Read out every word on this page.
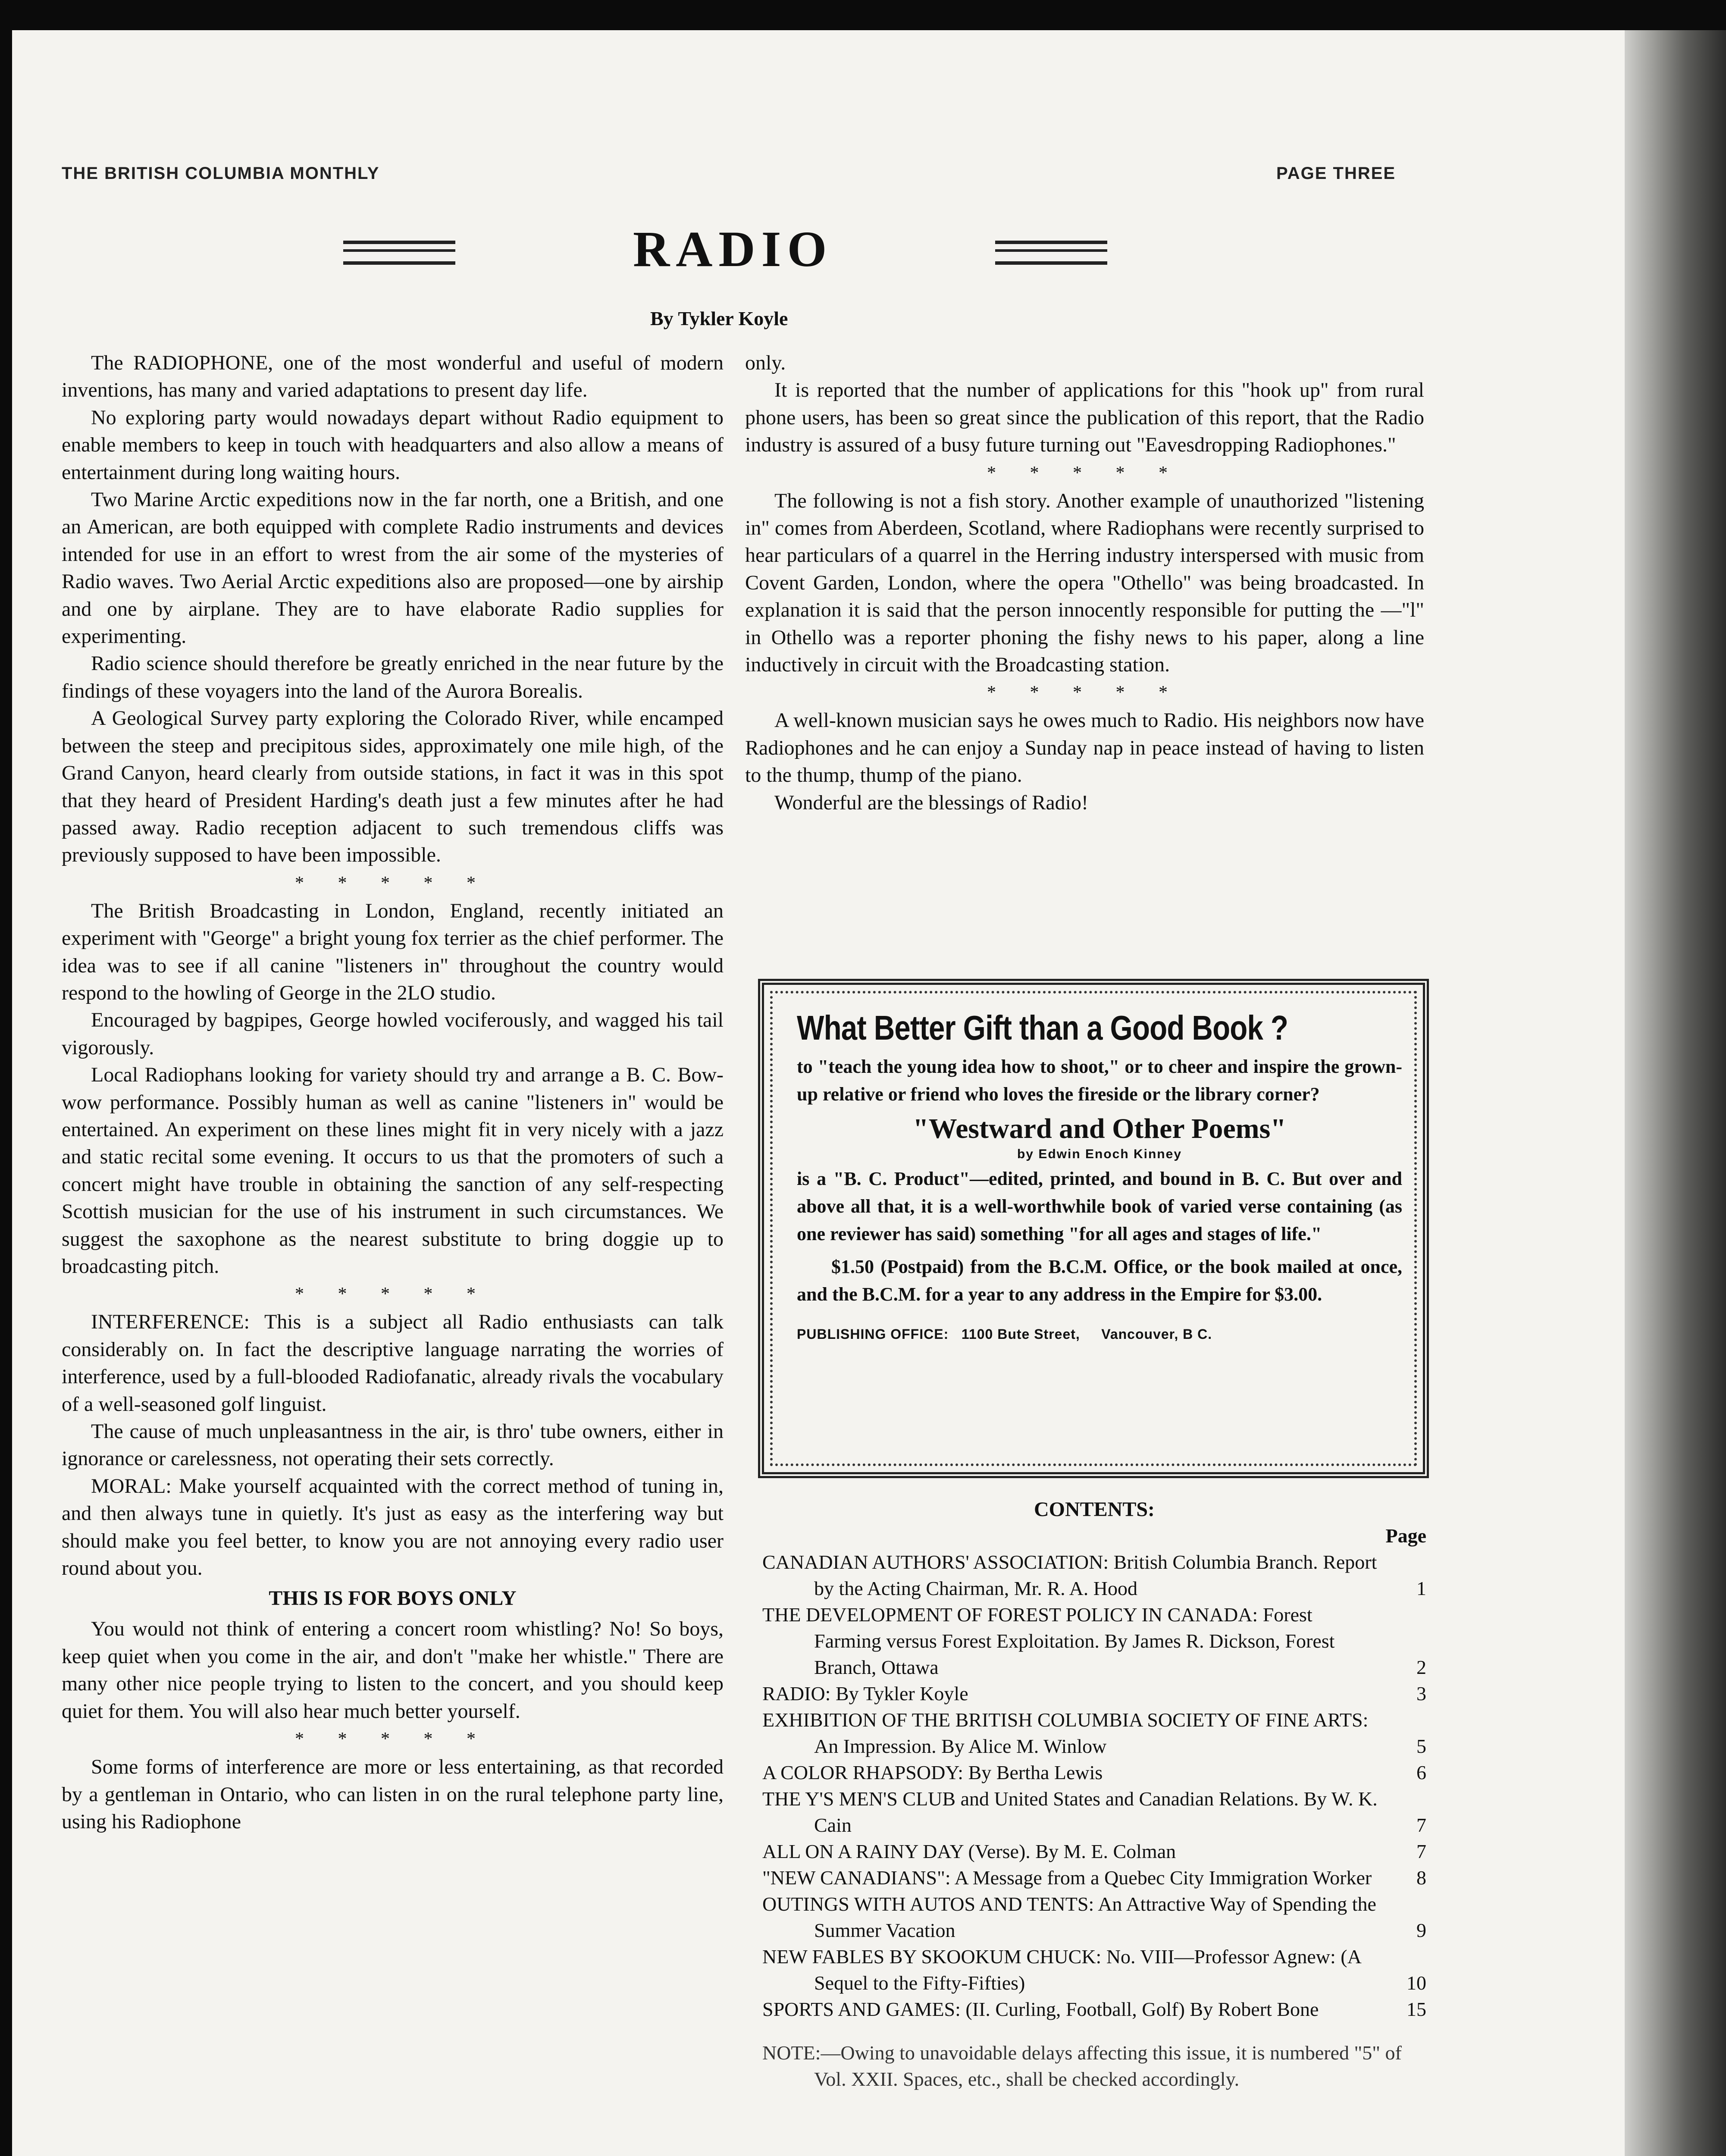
THE BRITISH COLUMBIA MONTHLY	PAGE THREE
RADIO
By Tykler Koyle

The RADIOPHONE, one of the most wonderful and useful of modern inventions, has many and varied adaptations to present day life.

No exploring party would nowadays depart without Radio equipment to enable members to keep in touch with headquarters and also allow a means of entertainment during long waiting hours.

Two Marine Arctic expeditions now in the far north, one a British, and one an American, are both equipped with complete Radio instruments and devices intended for use in an effort to wrest from the air some of the mysteries of Radio waves. Two Aerial Arctic expeditions also are proposed—one by airship and one by airplane. They are to have elaborate Radio supplies for experimenting.

Radio science should therefore be greatly enriched in the near future by the findings of these voyagers into the land of the Aurora Borealis.

A Geological Survey party exploring the Colorado River, while encamped between the steep and precipitous sides, approximately one mile high, of the Grand Canyon, heard clearly from outside stations, in fact it was in this spot that they heard of President Harding's death just a few minutes after he had passed away. Radio reception adjacent to such tremendous cliffs was previously supposed to have been impossible.

* * * * *

The British Broadcasting in London, England, recently initiated an experiment with "George" a bright young fox terrier as the chief performer. The idea was to see if all canine "listeners in" throughout the country would respond to the howling of George in the 2LO studio.

Encouraged by bagpipes, George howled vociferously, and wagged his tail vigorously.

Local Radiophans looking for variety should try and arrange a B. C. Bow-wow performance. Possibly human as well as canine "listeners in" would be entertained. An experiment on these lines might fit in very nicely with a jazz and static recital some evening. It occurs to us that the promoters of such a concert might have trouble in obtaining the sanction of any self-respecting Scottish musician for the use of his instrument in such circumstances. We suggest the saxophone as the nearest substitute to bring doggie up to broadcasting pitch.

* * * * *

INTERFERENCE: This is a subject all Radio enthusiasts can talk considerably on. In fact the descriptive language narrating the worries of interference, used by a full-blooded Radiofanatic, already rivals the vocabulary of a well-seasoned golf linguist.

The cause of much unpleasantness in the air, is thro' tube owners, either in ignorance or carelessness, not operating their sets correctly.

MORAL: Make yourself acquainted with the correct method of tuning in, and then always tune in quietly. It's just as easy as the interfering way but should make you feel better, to know you are not annoying every radio user round about you.

THIS IS FOR BOYS ONLY

You would not think of entering a concert room whistling? No! So boys, keep quiet when you come in the air, and don't "make her whistle." There are many other nice people trying to listen to the concert, and you should keep quiet for them. You will also hear much better yourself.

* * * * *

Some forms of interference are more or less entertaining, as that recorded by a gentleman in Ontario, who can listen in on the rural telephone party line, using his Radiophone

only.

It is reported that the number of applications for this "hook up" from rural phone users, has been so great since the publication of this report, that the Radio industry is assured of a busy future turning out "Eavesdropping Radiophones."

* * * * *

The following is not a fish story. Another example of unauthorized "listening in" comes from Aberdeen, Scotland, where Radiophans were recently surprised to hear particulars of a quarrel in the Herring industry interspersed with music from Covent Garden, London, where the opera "Othello" was being broadcasted. In explanation it is said that the person innocently responsible for putting the —"l" in Othello was a reporter phoning the fishy news to his paper, along a line inductively in circuit with the Broadcasting station.

* * * * *

A well-known musician says he owes much to Radio. His neighbors now have Radiophones and he can enjoy a Sunday nap in peace instead of having to listen to the thump, thump of the piano.

Wonderful are the blessings of Radio!

What Better Gift than a Good Book ?
to "teach the young idea how to shoot," or to cheer and inspire the grown-up relative or friend who loves the fireside or the library corner?
"Westward and Other Poems"
by Edwin Enoch Kinney
is a "B. C. Product"—edited, printed, and bound in B. C. But over and above all that, it is a well-worthwhile book of varied verse containing (as one reviewer has said) something "for all ages and stages of life."
$1.50 (Postpaid) from the B.C.M. Office, or the book mailed at once, and the B.C.M. for a year to any address in the Empire for $3.00.
PUBLISHING OFFICE: 1100 Bute Street, Vancouver, B C.
CONTENTS:
Page
CANADIAN AUTHORS' ASSOCIATION: British Columbia Branch. Report by the Acting Chairman, Mr. R. A. Hood	1
THE DEVELOPMENT OF FOREST POLICY IN CANADA: Forest Farming versus Forest Exploitation. By James R. Dickson, Forest Branch, Ottawa	2
RADIO: By Tykler Koyle	3
EXHIBITION OF THE BRITISH COLUMBIA SOCIETY OF FINE ARTS: An Impression. By Alice M. Winlow	5
A COLOR RHAPSODY: By Bertha Lewis	6
THE Y'S MEN'S CLUB and United States and Canadian Relations. By W. K. Cain	7
ALL ON A RAINY DAY (Verse). By M. E. Colman	7
"NEW CANADIANS": A Message from a Quebec City Immigration Worker	8
OUTINGS WITH AUTOS AND TENTS: An Attractive Way of Spending the Summer Vacation	9
NEW FABLES BY SKOOKUM CHUCK: No. VIII—Professor Agnew: (A Sequel to the Fifty-Fifties)	10
SPORTS AND GAMES: (II. Curling, Football, Golf) By Robert Bone	15
NOTE:—Owing to unavoidable delays affecting this issue, it is numbered "5" of Vol. XXII. Spaces, etc., shall be checked accordingly.
